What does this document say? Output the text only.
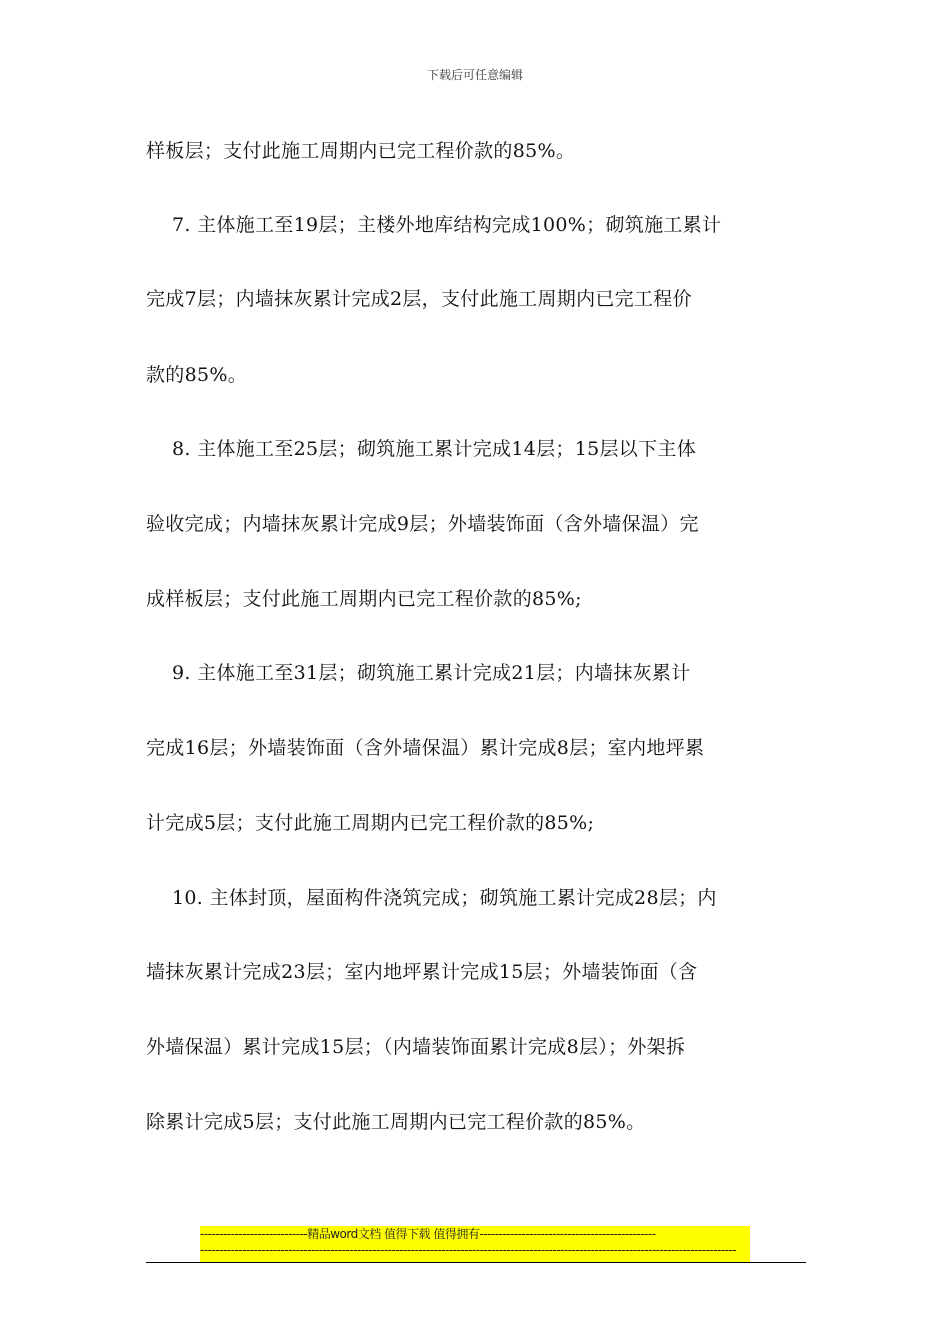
下载后可任意编辑
样板层；支付此施工周期内已完工程价款的85%。
7. 主体施工至19层；主楼外地库结构完成100%；砌筑施工累计
完成7层；内墙抹灰累计完成2层，支付此施工周期内已完工程价
款的85%。
8. 主体施工至25层；砌筑施工累计完成14层；15层以下主体
验收完成；内墙抹灰累计完成9层；外墙装饰面（含外墙保温）完
成样板层；支付此施工周期内已完工程价款的85%;
9. 主体施工至31层；砌筑施工累计完成21层；内墙抹灰累计
完成16层；外墙装饰面（含外墙保温）累计完成8层；室内地坪累
计完成5层；支付此施工周期内已完工程价款的85%;
10. 主体封顶，屋面构件浇筑完成；砌筑施工累计完成28层；内
墙抹灰累计完成23层；室内地坪累计完成15层；外墙装饰面（含
外墙保温）累计完成15层；（内墙装饰面累计完成8层）；外架拆
除累计完成5层；支付此施工周期内已完工程价款的85%。
----------------------------精品word文档 值得下载 值得拥有----------------------------------------------
--------------------------------------------------------------------------------------------------------------------------------------------
